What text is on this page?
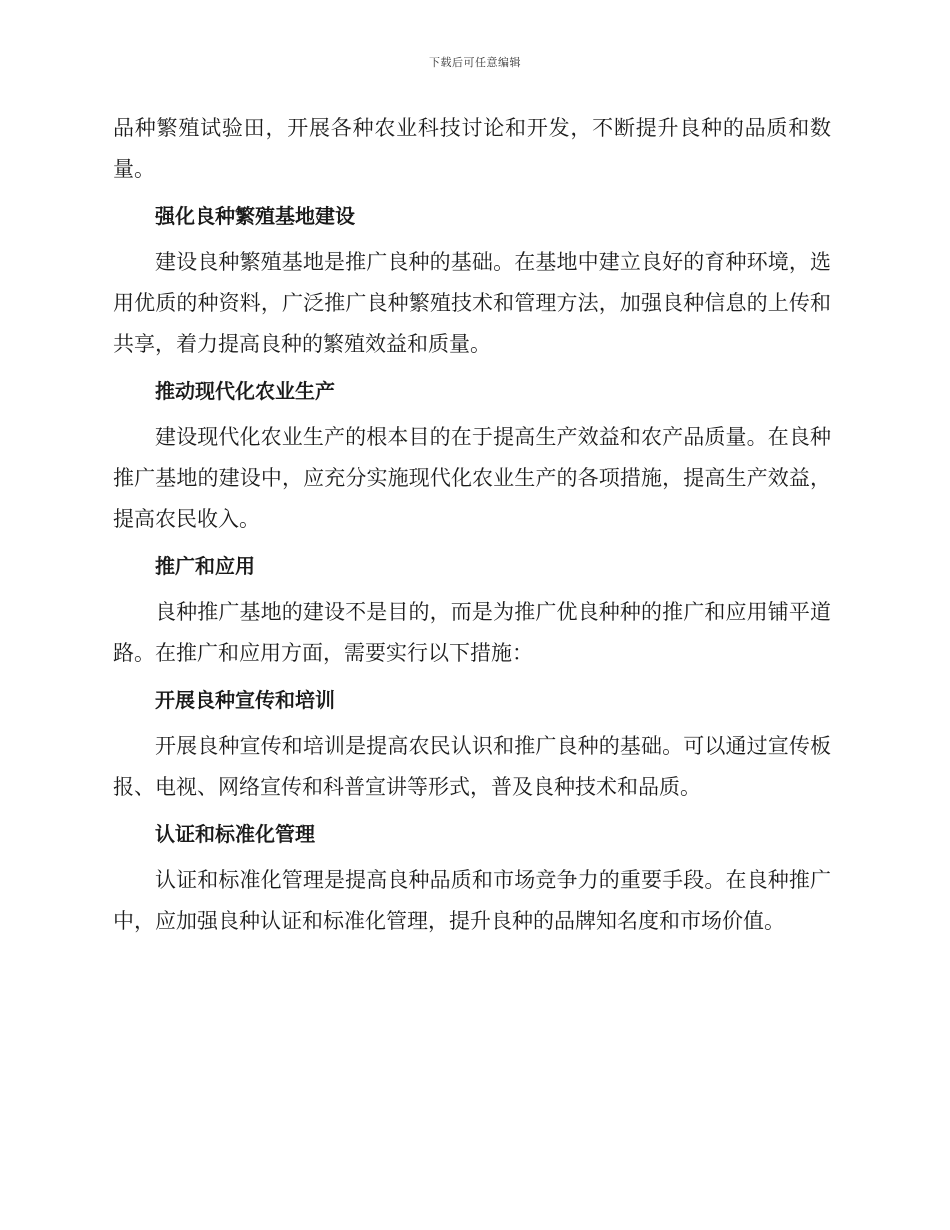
下载后可任意编辑

品种繁殖试验田，开展各种农业科技讨论和开发，不断提升良种的品质和数量。

强化良种繁殖基地建设

建设良种繁殖基地是推广良种的基础。在基地中建立良好的育种环境，选用优质的种资料，广泛推广良种繁殖技术和管理方法，加强良种信息的上传和共享，着力提高良种的繁殖效益和质量。

推动现代化农业生产

建设现代化农业生产的根本目的在于提高生产效益和农产品质量。在良种推广基地的建设中，应充分实施现代化农业生产的各项措施，提高生产效益，提高农民收入。

推广和应用

良种推广基地的建设不是目的，而是为推广优良种种的推广和应用铺平道路。在推广和应用方面，需要实行以下措施：

开展良种宣传和培训

开展良种宣传和培训是提高农民认识和推广良种的基础。可以通过宣传板报、电视、网络宣传和科普宣讲等形式，普及良种技术和品质。

认证和标准化管理

认证和标准化管理是提高良种品质和市场竞争力的重要手段。在良种推广中，应加强良种认证和标准化管理，提升良种的品牌知名度和市场价值。
